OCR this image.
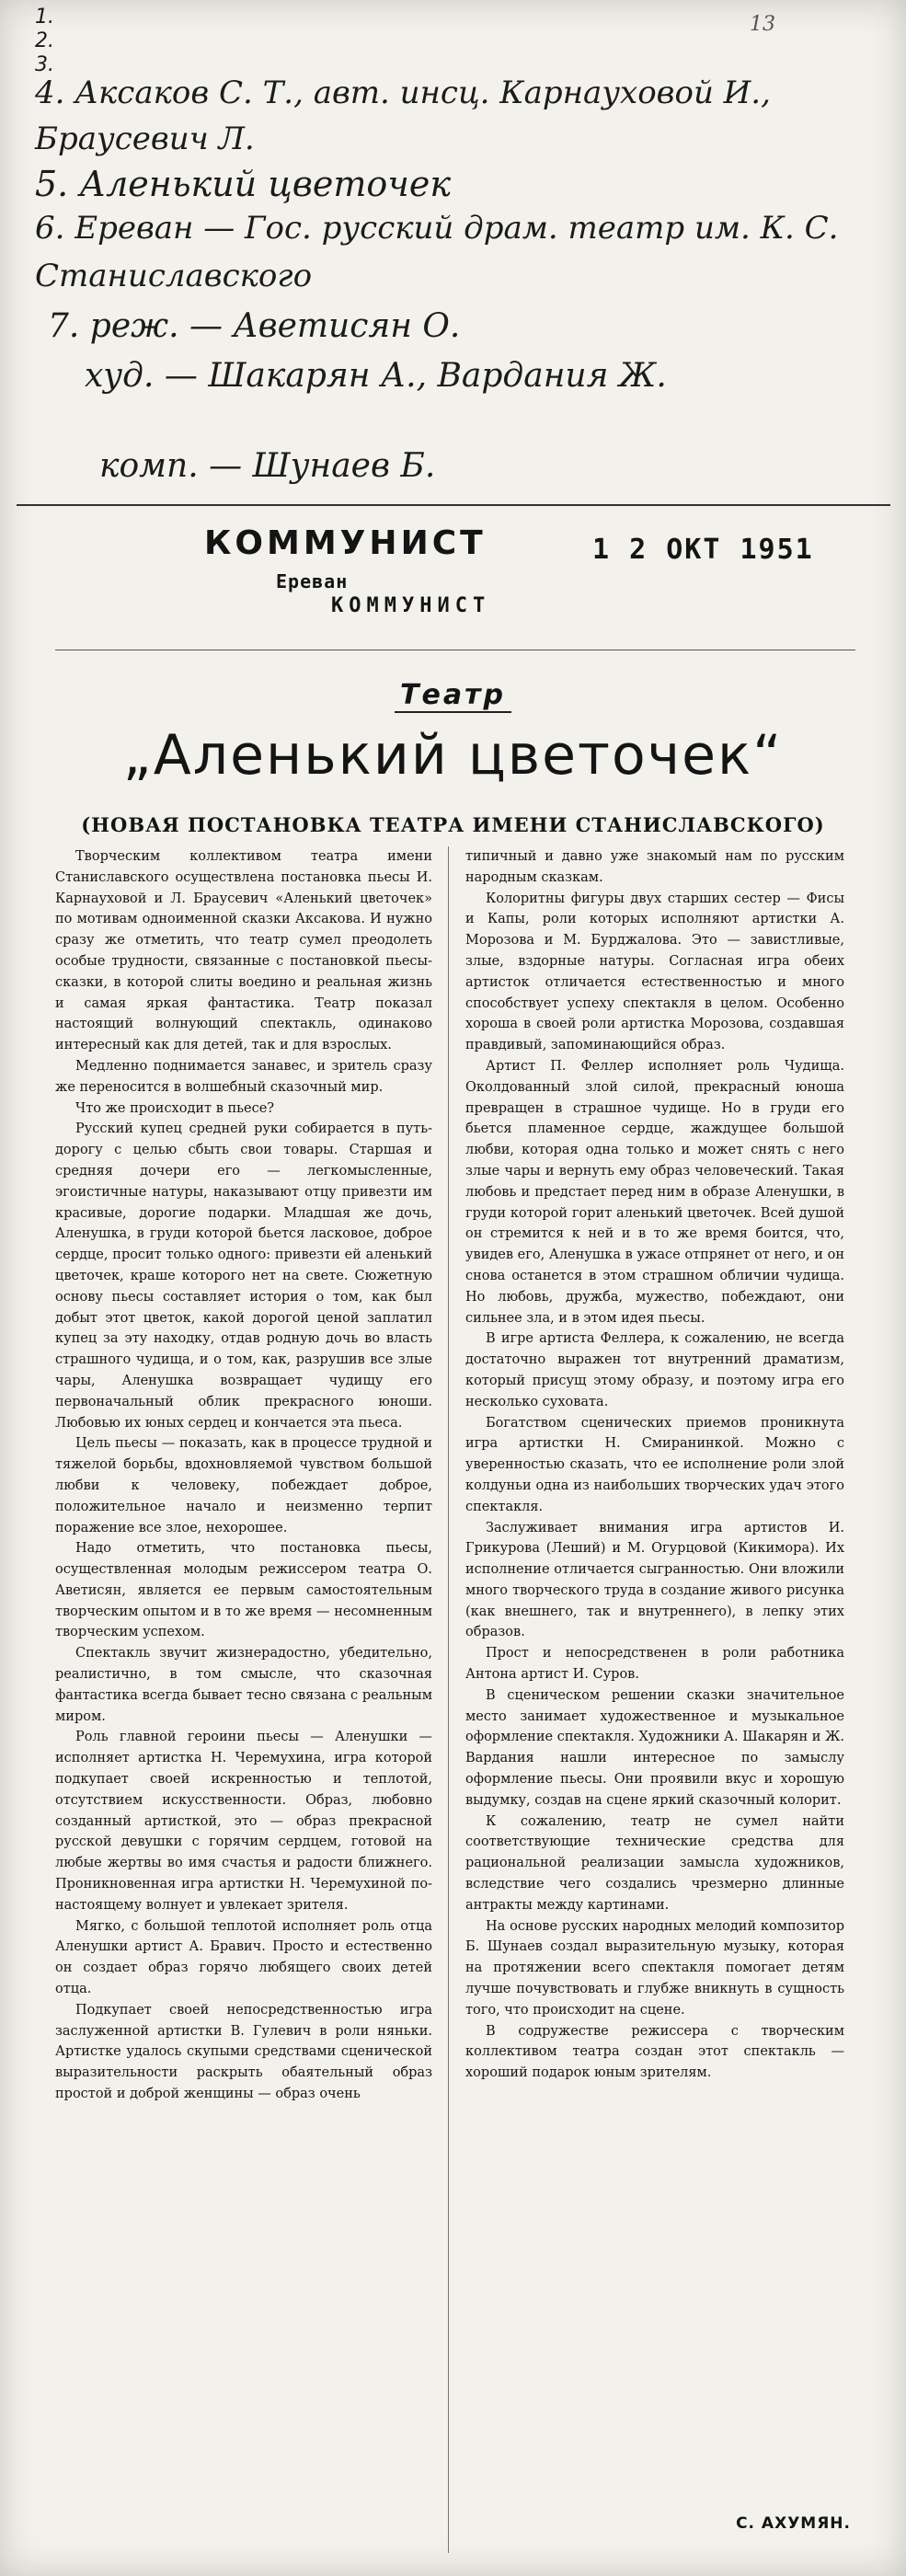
13
1.
2.
3.
4. Аксаков С. Т., авт. инсц. Карнауховой И., Браусевич Л.
5. Аленький цветочек
6. Ереван — Гос. русский драм. театр им. К. С. Станиславского
7. реж. — Аветисян О.
худ. — Шакарян А., Вардания Ж.
комп. — Шунаев Б.
КОММУНИСТ	1 2 ОКТ 1951
Ереван
КОММУНИСТ
Театр
„Аленький цветочек“
(НОВАЯ ПОСТАНОВКА ТЕАТРА ИМЕНИ СТАНИСЛАВСКОГО)

Творческим коллективом театра имени Станиславского осуществлена постановка пьесы И. Карнауховой и Л. Браусевич «Аленький цветочек» по мотивам одноименной сказки Аксакова. И нужно сразу же отметить, что театр сумел преодолеть особые трудности, связанные с постановкой пьесы-сказки, в которой слиты воедино и реальная жизнь и самая яркая фантастика. Театр показал настоящий волнующий спектакль, одинаково интересный как для детей, так и для взрослых.

Медленно поднимается занавес, и зритель сразу же переносится в волшебный сказочный мир.

Что же происходит в пьесе?

Русский купец средней руки собирается в путь-дорогу с целью сбыть свои товары. Старшая и средняя дочери его — легкомысленные, эгоистичные натуры, наказывают отцу привезти им красивые, дорогие подарки. Младшая же дочь, Аленушка, в груди которой бьется ласковое, доброе сердце, просит только одного: привезти ей аленький цветочек, краше которого нет на свете. Сюжетную основу пьесы составляет история о том, как был добыт этот цветок, какой дорогой ценой заплатил купец за эту находку, отдав родную дочь во власть страшного чудища, и о том, как, разрушив все злые чары, Аленушка возвращает чудищу его первоначальный облик прекрасного юноши. Любовью их юных сердец и кончается эта пьеса.

Цель пьесы — показать, как в процессе трудной и тяжелой борьбы, вдохновляемой чувством большой любви к человеку, побеждает доброе, положительное начало и неизменно терпит поражение все злое, нехорошее.

Надо отметить, что постановка пьесы, осуществленная молодым режиссером театра О. Аветисян, является ее первым самостоятельным творческим опытом и в то же время — несомненным творческим успехом.

Спектакль звучит жизнерадостно, убедительно, реалистично, в том смысле, что сказочная фантастика всегда бывает тесно связана с реальным миром.

Роль главной героини пьесы — Аленушки — исполняет артистка Н. Черемухина, игра которой подкупает своей искренностью и теплотой, отсутствием искусственности. Образ, любовно созданный артисткой, это — образ прекрасной русской девушки с горячим сердцем, готовой на любые жертвы во имя счастья и радости ближнего. Проникновенная игра артистки Н. Черемухиной по-настоящему волнует и увлекает зрителя.

Мягко, с большой теплотой исполняет роль отца Аленушки артист А. Бравич. Просто и естественно он создает образ горячо любящего своих детей отца.

Подкупает своей непосредственностью игра заслуженной артистки В. Гулевич в роли няньки. Артистке удалось скупыми средствами сценической выразительности раскрыть обаятельный образ простой и доброй женщины — образ очень

типичный и давно уже знакомый нам по русским народным сказкам.

Колоритны фигуры двух старших сестер — Фисы и Капы, роли которых исполняют артистки А. Морозова и М. Бурджалова. Это — завистливые, злые, вздорные натуры. Согласная игра обеих артисток отличается естественностью и много способствует успеху спектакля в целом. Особенно хороша в своей роли артистка Морозова, создавшая правдивый, запоминающийся образ.

Артист П. Феллер исполняет роль Чудища. Околдованный злой силой, прекрасный юноша превращен в страшное чудище. Но в груди его бьется пламенное сердце, жаждущее большой любви, которая одна только и может снять с него злые чары и вернуть ему образ человеческий. Такая любовь и предстает перед ним в образе Аленушки, в груди которой горит аленький цветочек. Всей душой он стремится к ней и в то же время боится, что, увидев его, Аленушка в ужасе отпрянет от него, и он снова останется в этом страшном обличии чудища. Но любовь, дружба, мужество, побеждают, они сильнее зла, и в этом идея пьесы.

В игре артиста Феллера, к сожалению, не всегда достаточно выражен тот внутренний драматизм, который присущ этому образу, и поэтому игра его несколько суховата.

Богатством сценических приемов проникнута игра артистки Н. Смиранинкой. Можно с уверенностью сказать, что ее исполнение роли злой колдуньи одна из наибольших творческих удач этого спектакля.

Заслуживает внимания игра артистов И. Грикурова (Леший) и М. Огурцовой (Кикимора). Их исполнение отличается сыгранностью. Они вложили много творческого труда в создание живого рисунка (как внешнего, так и внутреннего), в лепку этих образов.

Прост и непосредственен в роли работника Антона артист И. Суров.

В сценическом решении сказки значительное место занимает художественное и музыкальное оформление спектакля. Художники А. Шакарян и Ж. Вардания нашли интересное по замыслу оформление пьесы. Они проявили вкус и хорошую выдумку, создав на сцене яркий сказочный колорит.

К сожалению, театр не сумел найти соответствующие технические средства для рациональной реализации замысла художников, вследствие чего создались чрезмерно длинные антракты между картинами.

На основе русских народных мелодий композитор Б. Шунаев создал выразительную музыку, которая на протяжении всего спектакля помогает детям лучше почувствовать и глубже вникнуть в сущность того, что происходит на сцене.

В содружестве режиссера с творческим коллективом театра создан этот спектакль — хороший подарок юным зрителям.

С. АХУМЯН.
